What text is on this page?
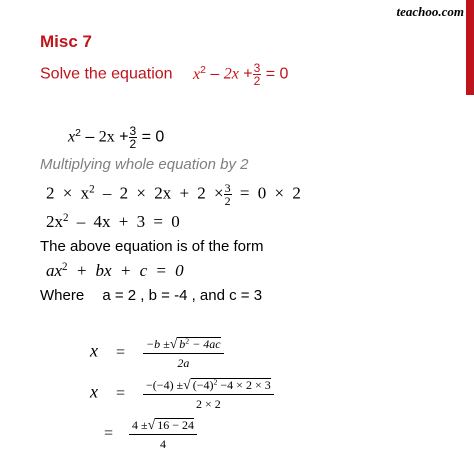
teachoo.com
Misc 7
Solve the equation $x^2 - 2x + \frac{3}{2} = 0$
$x^2 - 2x + \frac{3}{2} = 0$
Multiplying whole equation by 2
$2 \times x^2 - 2 \times 2x + 2 \times \frac{3}{2} = 0 \times 2$
$2x^2 - 4x + 3 = 0$
The above equation is of the form
$ax^2$ + bx + c = 0
Where a = 2 , b = -4 , and c = 3
$x = \frac{-b \pm√ b^2 - 4ac}{2a}$
$x = \frac{-(-4) \pm√ (-4)^2 -4 \times 2 \times 3}{2 \times 2}$
= $\frac{4 \pm√ 16 - 24}{4}$
